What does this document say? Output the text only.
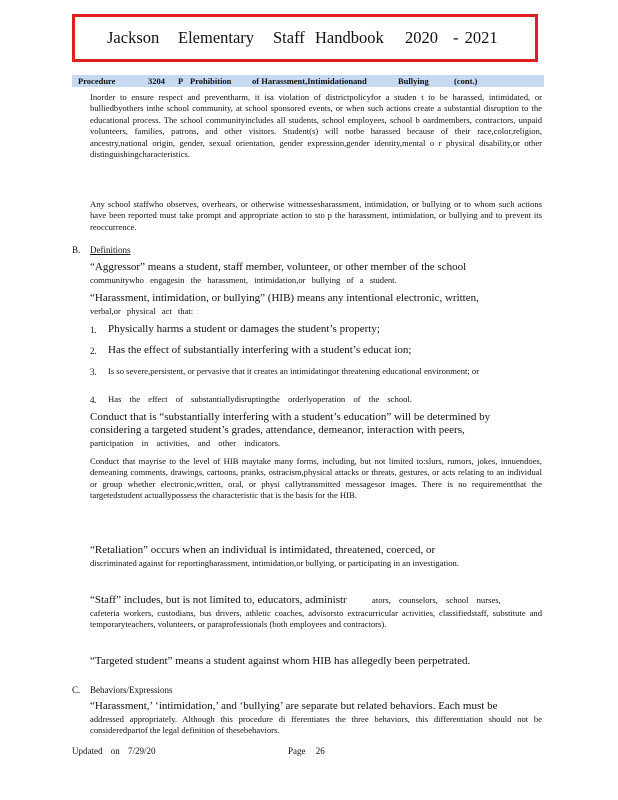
Jackson Elementary Staff Handbook 2020 - 2021
Procedure	3204 P Prohibition of Harassment,Intimidationand	Bullying	(cont.)
Inorder to ensure respect and preventharm, it isa violation of districtpolicyfor a studen t to be harassed, intimidated, or bulliedbyothers inthe school community, at school sponsored events, or when such actions create a substantial disruption to the educational process. The school communityincludes all students, school employees, school b oardmembers, contractors, unpaid volunteers, families, patrons, and other visitors. Student(s) will notbe harassed because of their race,color,religion, ancestry,national origin, gender, sexual orientation, gender expression,gender identity,mental o r physical disability,or other distinguishingcharacteristics.
Any school staffwho observes, overhears, or otherwise witnessesharassment, intimidation, or bullying or to whom such actions have been reported must take prompt and appropriate action to sto p the harassment, intimidation, or bullying and to prevent its reoccurrence.
B. Definitions
“Aggressor” means a student, staff member, volunteer, or other member of the school
communitywho engagesin the harassment, intimidation,or bullying of a student.
“Harassment, intimidation, or bullying” (HIB) means any intentional electronic, written,
verbal,or physical act that:
1. Physically harms a student or damages the student’s property;
2. Has the effect of substantially interfering with a student’s educat ion;
3. Is so severe,persistent, or pervasive that it creates an intimidatingor threatening educational environment; or
4. Has the effect of substantiallydisruptingthe orderlyoperation of the school.
Conduct that is “substantially interfering with a student’s education” will be determined by considering a targeted student’s grades, attendance, demeanor, interaction with peers,
participation in activities, and other indicators.
Conduct that mayrise to the level of HIB maytake many forms, including, but not limited to:slurs, rumors, jokes, innuendoes, demeaning comments, drawings, cartoons, pranks, ostracism,physical attacks or threats, gestures, or acts relating to an individual or group whether electronic,written, oral, or physi callytransmitted messagesor images. There is no requirementthat the targetedstudent actuallypossess the characteristic that is the basis for the HIB.
“Retaliation” occurs when an individual is intimidated, threatened, coerced, or
discriminated against for reportingharassment, intimidation,or bullying, or participating in an investigation.
“Staff” includes, but is not limited to, educators, administr	ators, counselors, school nurses,
cafeteria workers, custodians, bus drivers, athletic coaches, advisorsto extracurricular activities, classifiedstaff, substitute and temporaryteachers, volunteers, or paraprofessionals (both employees and contractors).
“Targeted student” means a student against whom HIB has allegedly been perpetrated.
C. Behaviors/Expressions
“Harassment,’ ‘intimidation,’ and ‘bullying’ are separate but related behaviors. Each must be
addressed appropriately. Although this procedure di fferentiates the three behaviors, this differentiation should not be consideredpartof the legal definition of thesebehaviors.
Updated on 7/29/20	Page 26
